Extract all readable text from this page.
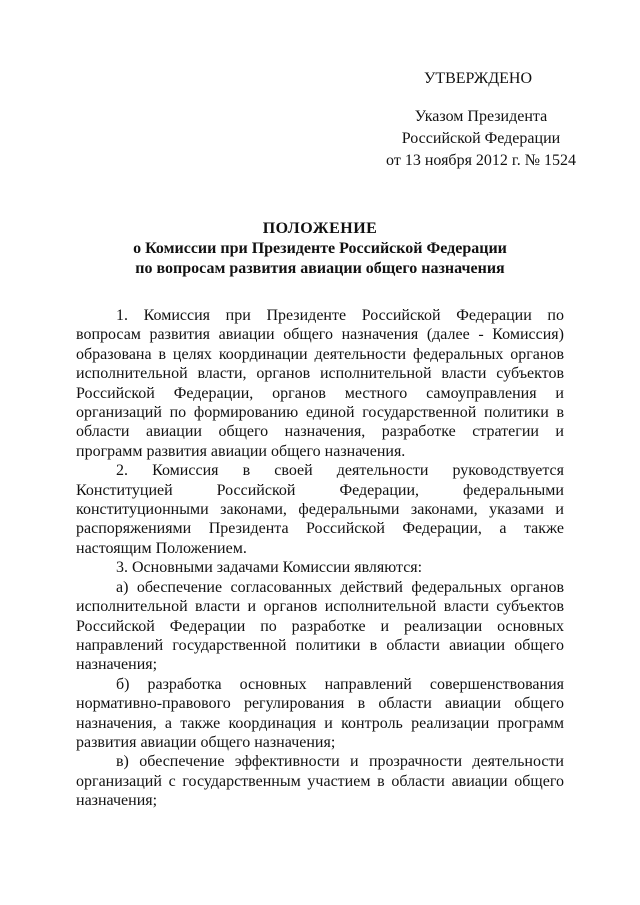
УТВЕРЖДЕНО
Указом Президента
Российской Федерации
от 13 ноября 2012 г. № 1524
ПОЛОЖЕНИЕ
о Комиссии при Президенте Российской Федерации
по вопросам развития авиации общего назначения
1. Комиссия при Президенте Российской Федерации по
вопросам развития авиации общего назначения (далее - Комиссия)
образована в целях координации деятельности федеральных органов
исполнительной власти, органов исполнительной власти субъектов
Российской Федерации, органов местного самоуправления и
организаций по формированию единой государственной политики в
области авиации общего назначения, разработке стратегии и
программ развития авиации общего назначения.
2. Комиссия в своей деятельности руководствуется
Конституцией Российской Федерации, федеральными
конституционными законами, федеральными законами, указами и
распоряжениями Президента Российской Федерации, а также
настоящим Положением.
3. Основными задачами Комиссии являются:
а) обеспечение согласованных действий федеральных органов
исполнительной власти и органов исполнительной власти субъектов
Российской Федерации по разработке и реализации основных
направлений государственной политики в области авиации общего
назначения;
б) разработка основных направлений совершенствования
нормативно-правового регулирования в области авиации общего
назначения, а также координация и контроль реализации программ
развития авиации общего назначения;
в) обеспечение эффективности и прозрачности деятельности
организаций с государственным участием в области авиации общего
назначения;
